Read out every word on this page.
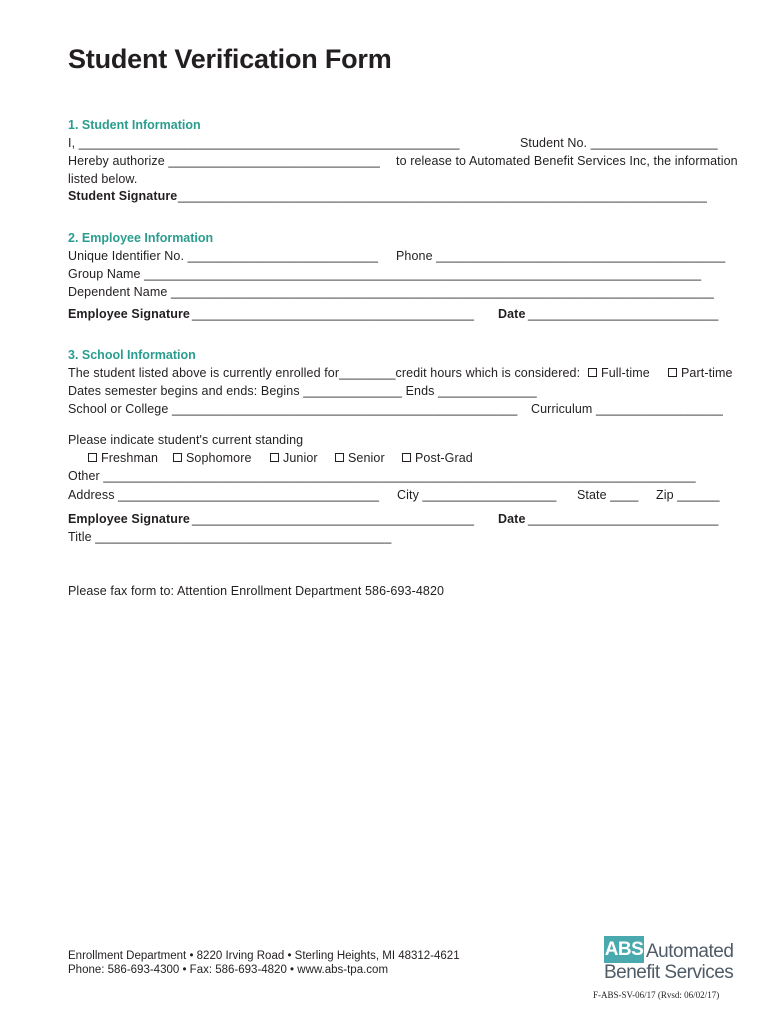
Student Verification Form
1. Student Information
I, ______________________________________________________	Student No. __________________
Hereby authorize ______________________________ to release to Automated Benefit Services Inc, the information
listed below.
Student Signature ___________________________________________________________________________
2. Employee Information
Unique Identifier No. ___________________________ Phone _________________________________________
Group Name _______________________________________________________________________________
Dependent Name _____________________________________________________________________________
Employee Signature ________________________________________ Date ___________________________
3. School Information
The student listed above is currently enrolled for________credit hours which is considered:	Full-time	Part-time
Dates semester begins and ends: Begins ______________ Ends ______________
School or College _________________________________________________ Curriculum __________________
Please indicate student's current standing
Freshman	Sophomore	Junior	Senior	Post-Grad
Other ____________________________________________________________________________________
Address _____________________________________ City ___________________ State ____ Zip ______
Employee Signature ________________________________________ Date ___________________________
Title __________________________________________
Please fax form to: Attention Enrollment Department 586-693-4820
Enrollment Department • 8220 Irving Road • Sterling Heights, MI 48312-4621
Phone: 586-693-4300 • Fax: 586-693-4820 • www.abs-tpa.com
ABS Automated
Benefit Services
F-ABS-SV-06/17 (Rvsd: 06/02/17)
